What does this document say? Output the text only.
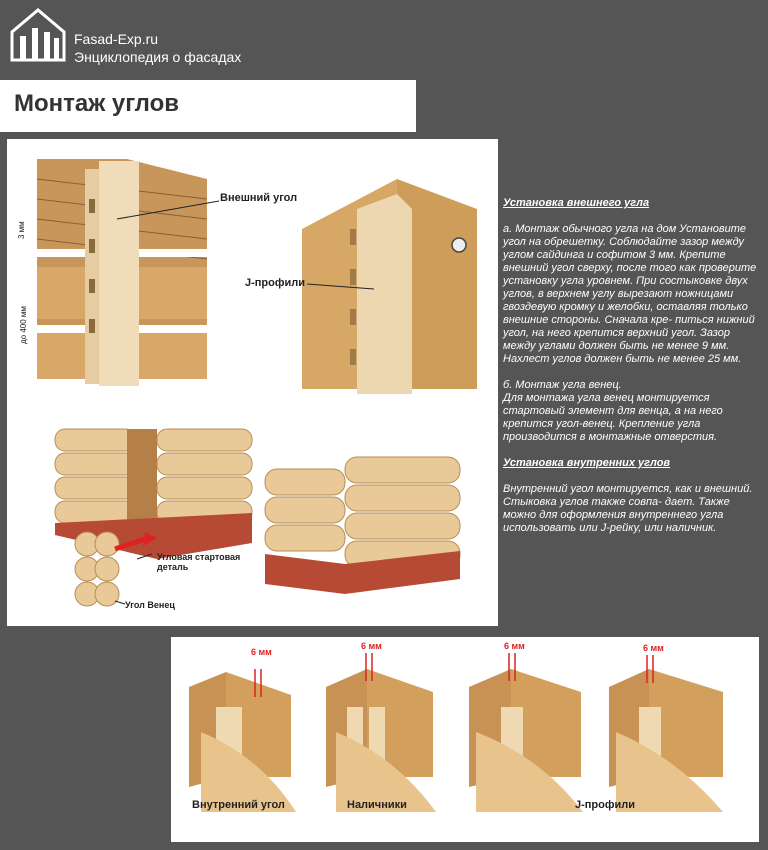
Fasad-Exp.ru
Энциклопедия о фасадах
Монтаж углов
Внешний угол
J-профили
3 мм
до 400 мм
Угловая стартовая деталь
Угол Венец

Установка внешнего угла

а. Монтаж обычного угла на дом Установите угол на обрешетку. Соблюдайте зазор между углом сайдинга и софитом 3 мм. Крепите внешний угол сверху, после того как проверите установку угла уровнем. При состыковке двух углов, в верхнем углу вырезают ножницами гвоздевую кромку и желобки, оставляя только внешние стороны. Сначала кре- питься нижний угол, на него крепится верхний угол. Зазор между углами должен быть не менее 9 мм. Нахлест углов должен быть не менее 25 мм.

б. Монтаж угла венец.

Для монтажа угла венец монтируется стартовый элемент для венца, а на него крепится угол-венец. Крепление угла производится в монтажные отверстия.

Установка внутренних углов

Внутренний угол монтируется, как и внешний. Стыковка углов также совпа- дает. Также можно для оформления внутреннего угла использовать или J-рейку, или наличник.

6 мм
6 мм	6 мм	6 мм
Внутренний угол	Наличники	J-профили
